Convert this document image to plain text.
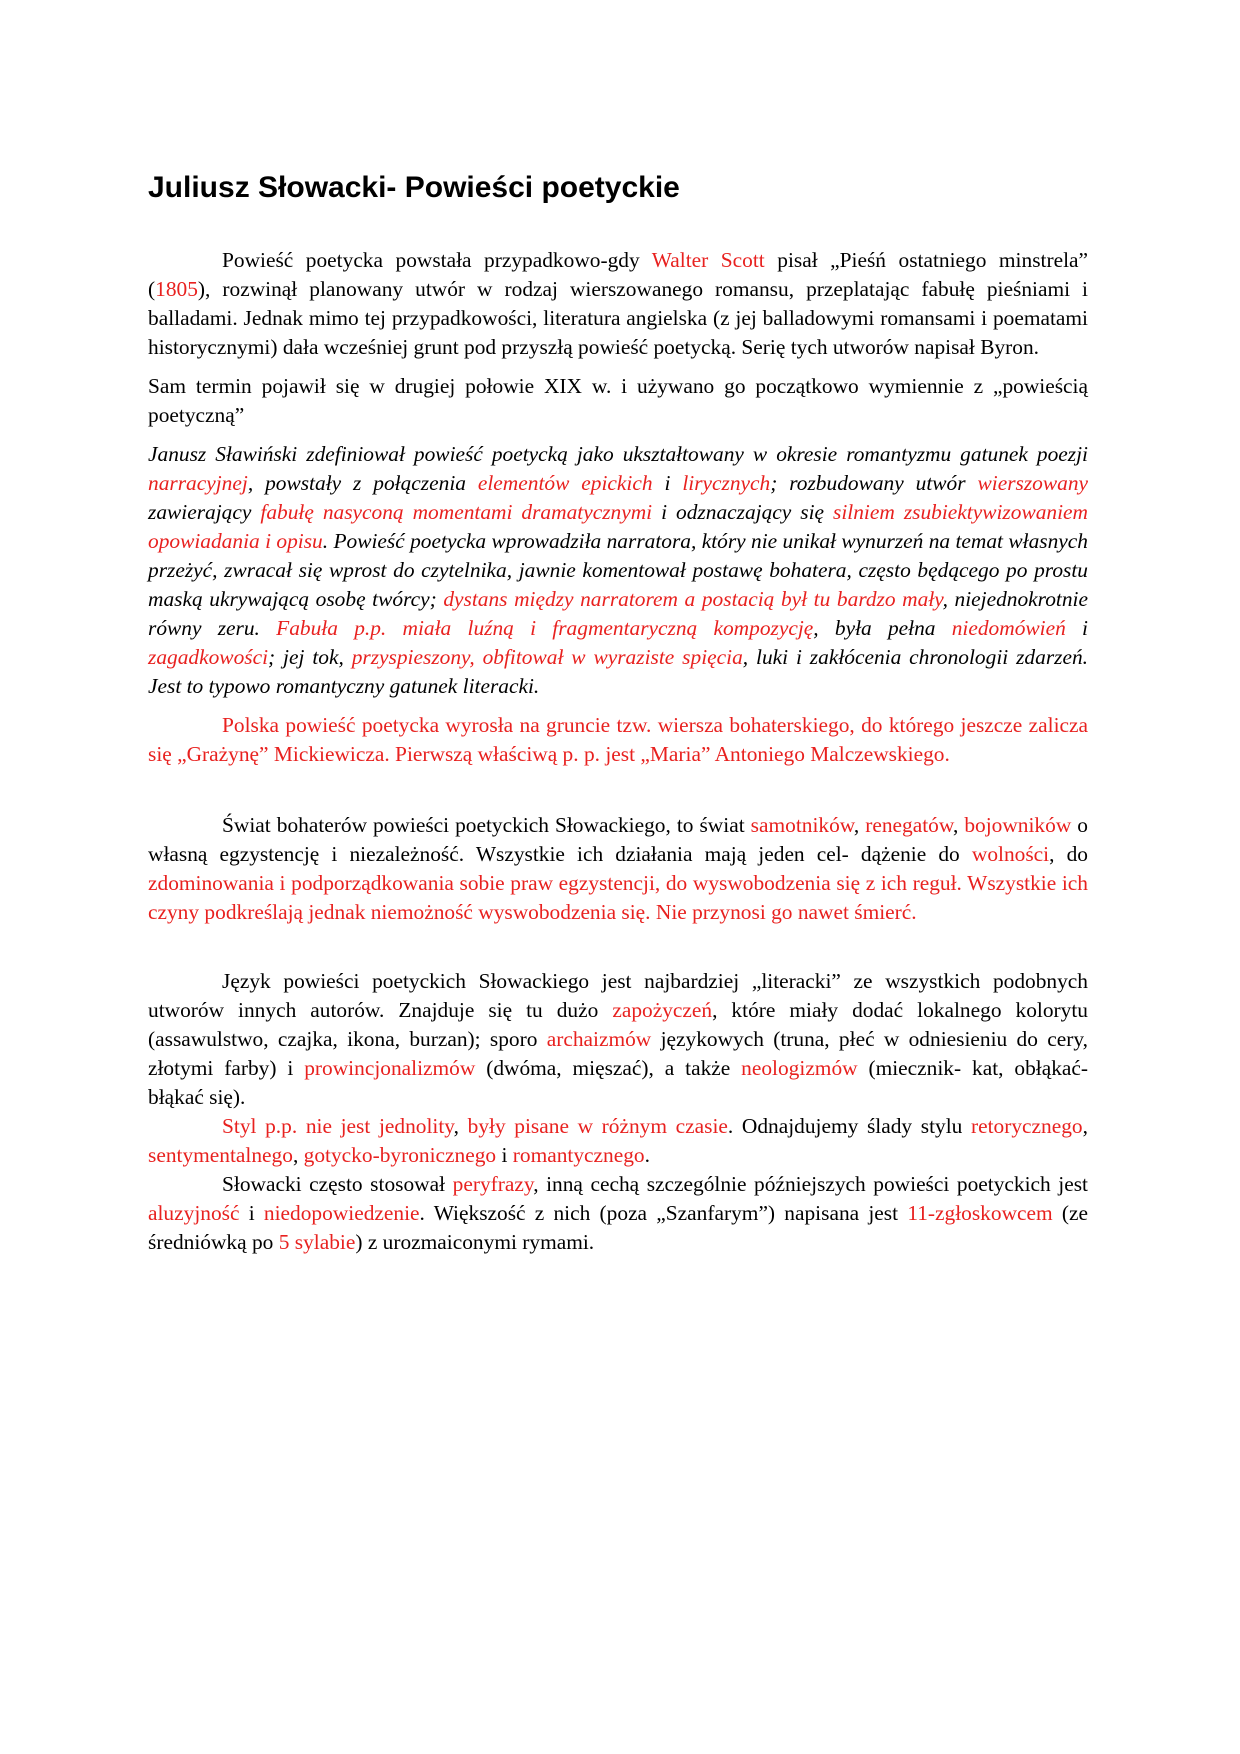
Juliusz Słowacki- Powieści poetyckie

Powieść poetycka powstała przypadkowo-gdy Walter Scott pisał „Pieśń ostatniego minstrela” (1805), rozwinął planowany utwór w rodzaj wierszowanego romansu, przeplatając fabułę pieśniami i balladami. Jednak mimo tej przypadkowości, literatura angielska (z jej balladowymi romansami i poematami historycznymi) dała wcześniej grunt pod przyszłą powieść poetycką. Serię tych utworów napisał Byron.

Sam termin pojawił się w drugiej połowie XIX w. i używano go początkowo wymiennie z „powieścią poetyczną”

Janusz Sławiński zdefiniował powieść poetycką jako ukształtowany w okresie romantyzmu gatunek poezji narracyjnej, powstały z połączenia elementów epickich i lirycznych; rozbudowany utwór wierszowany zawierający fabułę nasyconą momentami dramatycznymi i odznaczający się silniem zsubiektywizowaniem opowiadania i opisu. Powieść poetycka wprowadziła narratora, który nie unikał wynurzeń na temat własnych przeżyć, zwracał się wprost do czytelnika, jawnie komentował postawę bohatera, często będącego po prostu maską ukrywającą osobę twórcy; dystans między narratorem a postacią był tu bardzo mały, niejednokrotnie równy zeru. Fabuła p.p. miała luźną i fragmentaryczną kompozycję, była pełna niedomówień i zagadkowości; jej tok, przyspieszony, obfitował w wyraziste spięcia, luki i zakłócenia chronologii zdarzeń. Jest to typowo romantyczny gatunek literacki.

Polska powieść poetycka wyrosła na gruncie tzw. wiersza bohaterskiego, do którego jeszcze zalicza się „Grażynę” Mickiewicza. Pierwszą właściwą p. p. jest „Maria” Antoniego Malczewskiego.

Świat bohaterów powieści poetyckich Słowackiego, to świat samotników, renegatów, bojowników o własną egzystencję i niezależność. Wszystkie ich działania mają jeden cel- dążenie do wolności, do zdominowania i podporządkowania sobie praw egzystencji, do wyswobodzenia się z ich reguł. Wszystkie ich czyny podkreślają jednak niemożność wyswobodzenia się. Nie przynosi go nawet śmierć.

Język powieści poetyckich Słowackiego jest najbardziej „literacki” ze wszystkich podobnych utworów innych autorów. Znajduje się tu dużo zapożyczeń, które miały dodać lokalnego kolorytu (assawulstwo, czajka, ikona, burzan); sporo archaizmów językowych (truna, płeć w odniesieniu do cery, złotymi farby) i prowincjonalizmów (dwóma, mięszać), a także neologizmów (miecznik- kat, obłąkać- błąkać się).

Styl p.p. nie jest jednolity, były pisane w różnym czasie. Odnajdujemy ślady stylu retorycznego, sentymentalnego, gotycko-byronicznego i romantycznego.

Słowacki często stosował peryfrazy, inną cechą szczególnie późniejszych powieści poetyckich jest aluzyjność i niedopowiedzenie. Większość z nich (poza „Szanfarym”) napisana jest 11-zgłoskowcem (ze średniówką po 5 sylabie) z urozmaiconymi rymami.
